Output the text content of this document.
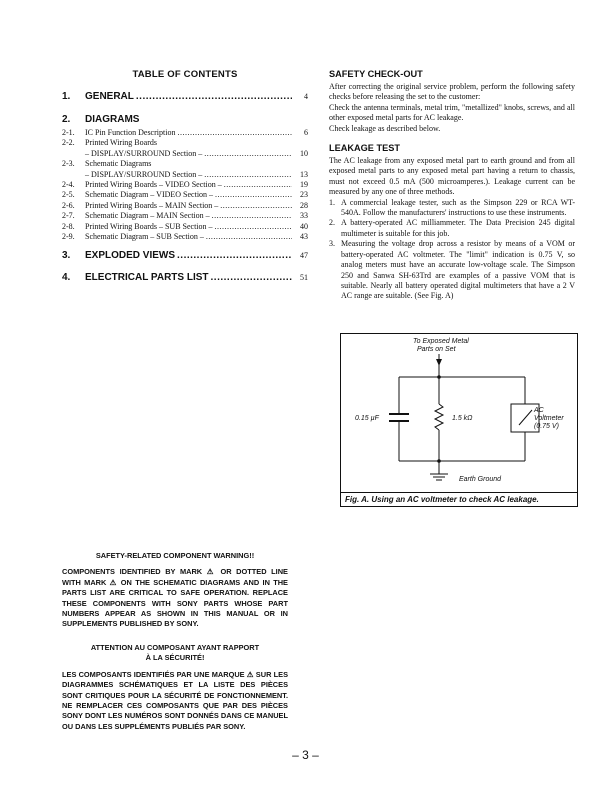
TABLE OF CONTENTS
1.	GENERAL .....	4
2.	DIAGRAMS
2-1.	IC Pin Function Description .....	6
2-2.	Printed Wiring Boards
– DISPLAY/SURROUND Section – .....	10
2-3.	Schematic Diagrams
– DISPLAY/SURROUND Section – .....	13
2-4.	Printed Wiring Boards – VIDEO Section – .....	19
2-5.	Schematic Diagram – VIDEO Section – .....	23
2-6.	Printed Wiring Boards – MAIN Section – .....	28
2-7.	Schematic Diagram – MAIN Section – .....	33
2-8.	Printed Wiring Boards – SUB Section – .....	40
2-9.	Schematic Diagram – SUB Section – .....	43
3.	EXPLODED VIEWS .....	47
4.	ELECTRICAL PARTS LIST .....	51
SAFETY CHECK-OUT

After correcting the original service problem, perform the following safety checks before releasing the set to the customer:

Check the antenna terminals, metal trim, "metallized" knobs, screws, and all other exposed metal parts for AC leakage.

Check leakage as described below.

LEAKAGE TEST

The AC leakage from any exposed metal part to earth ground and from all exposed metal parts to any exposed metal part having a return to chassis, must not exceed 0.5 mA (500 microamperes.). Leakage current can be measured by any one of three methods.

1. A commercial leakage tester, such as the Simpson 229 or RCA WT-540A. Follow the manufacturers' instructions to use these instruments.
2. A battery-operated AC milliammeter. The Data Precision 245 digital multimeter is suitable for this job.
3. Measuring the voltage drop across a resistor by means of a VOM or battery-operated AC voltmeter. The "limit" indication is 0.75 V, so analog meters must have an accurate low-voltage scale. The Simpson 250 and Sanwa SH-63Trd are examples of a passive VOM that is suitable. Nearly all battery operated digital multimeters that have a 2 V AC range are suitable. (See Fig. A)
To Exposed Metal
Parts on Set
0.15 µF	1.5 kΩ
AC
Voltmeter
(0.75 V)
Earth Ground
Fig. A. Using an AC voltmeter to check AC leakage.
SAFETY-RELATED COMPONENT WARNING!!

COMPONENTS IDENTIFIED BY MARK ⚠ OR DOTTED LINE WITH MARK ⚠ ON THE SCHEMATIC DIAGRAMS AND IN THE PARTS LIST ARE CRITICAL TO SAFE OPERATION. REPLACE THESE COMPONENTS WITH SONY PARTS WHOSE PART NUMBERS APPEAR AS SHOWN IN THIS MANUAL OR IN SUPPLEMENTS PUBLISHED BY SONY.

ATTENTION AU COMPOSANT AYANT RAPPORT
À LA SÉCURITÉ!

LES COMPOSANTS IDENTIFIÉS PAR UNE MARQUE ⚠ SUR LES DIAGRAMMES SCHÉMATIQUES ET LA LISTE DES PIÈCES SONT CRITIQUES POUR LA SÉCURITÉ DE FONCTIONNEMENT. NE REMPLACER CES COMPOSANTS QUE PAR DES PIÈCES SONY DONT LES NUMÉROS SONT DONNÉS DANS CE MANUEL OU DANS LES SUPPLÉMENTS PUBLIÉS PAR SONY.

– 3 –
